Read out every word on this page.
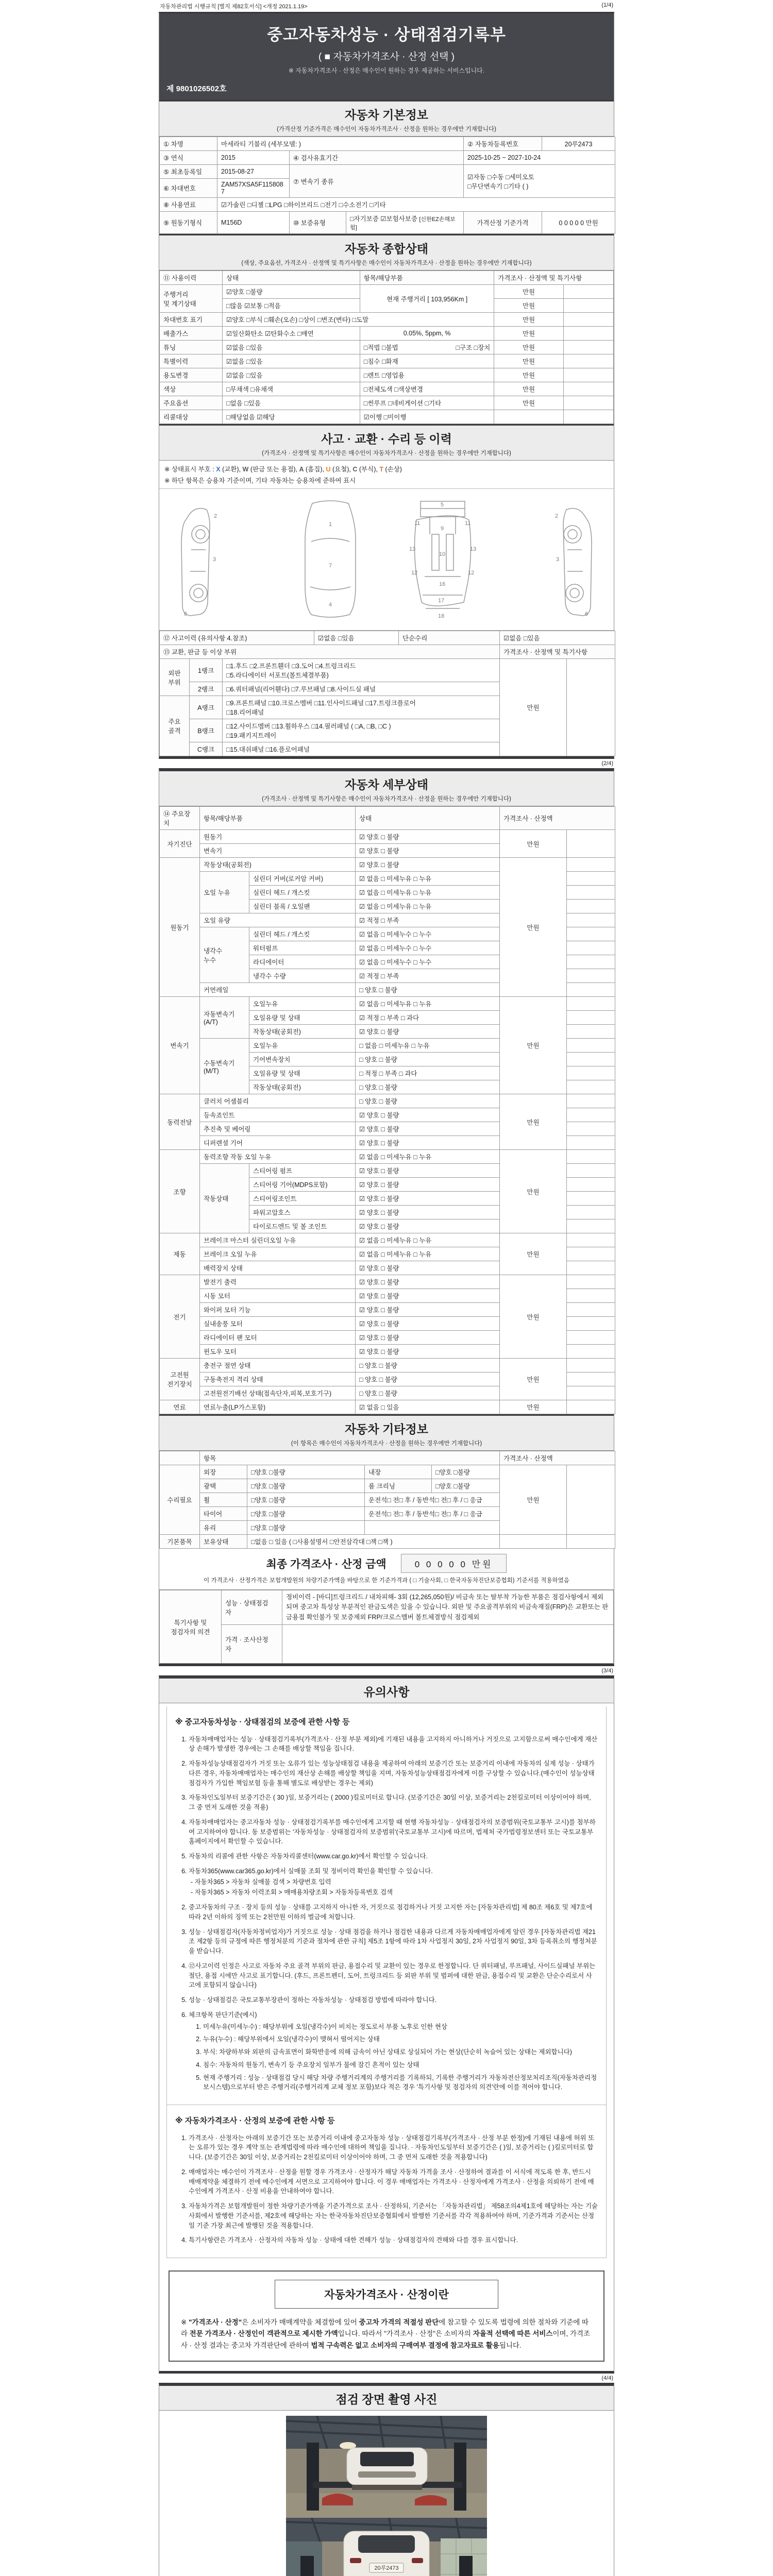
자동차관리법 시행규칙 [별지 제82호서식] <개정 2021.1.19>	(1/4)
중고자동차성능 · 상태점검기록부
( ■ 자동차가격조사 · 산정 선택 )
※ 자동차가격조사 · 산정은 매수인이 원하는 경우 제공하는 서비스입니다.
제 9801026502호
자동차 기본정보
(가격산정 기준가격은 매수인이 자동차가격조사 · 산정을 원하는 경우에만 기재합니다)
① 차명	마세라티 기블리 (세부모델: )			② 자동차등록번호	20루2473
③ 연식	2015	④ 검사유효기간		2025-10-25 ~ 2027-10-24	
⑤ 최초등록일	2015-08-27	⑦ 변속기 종류		☑자동 □수동 □세미오토
□무단변속기 □기타 ( )	
⑥ 차대번호	ZAM57XSA5F1158087				
⑧ 사용연료	☑가솔린 □디젤 □LPG □하이브리드 □전기 □수소전기 □기타				
⑨ 원동기형식	M156D	⑩ 보증유형	□자기보증 ☑보험사보증 [신한EZ손해보험]	가격산정 기준가격	0 0 0 0 0 만원
자동차 종합상태
(색상, 주요옵션, 가격조사 · 산정액 및 특기사항은 매수인이 자동차가격조사 · 산정을 원하는 경우에만 기재합니다)
⑪ 사용이력	상태	항목/해당부품	가격조사 · 산정액 및 특기사항	
주행거리
및 계기상태	☑양호 □불량	현재 주행거리 [ 103,956Km ]	만원	
	□많음 ☑보통 □적음		만원	
차대번호 표기	☑양호 □부식 □훼손(오손) □상이 □변조(변타) □도말		만원	
배출가스	☑일산화탄소 ☑탄화수소 □매연	0.05%, 5ppm, %	만원	
튜닝	☑없음 □있음		□적법 □불법	□구조 □장치	만원	
특별이력	☑없음 □있음	□침수 □화재	만원	
용도변경	☑없음 □있음	□렌트 □영업용	만원	
색상	□무채색 □유채색	□전체도색 □색상변경	만원	
주요옵션	□없음 □있음	□썬루프 □네비게이션 □기타	만원	
리콜대상	□해당없음 ☑해당	☑이행 □미이행		
사고 · 교환 · 수리 등 이력
(가격조사 · 산정액 및 특기사항은 매수인이 자동차가격조사 · 산정을 원하는 경우에만 기재합니다)
※ 상태표시 부호 : X (교환), W (판금 또는 용접), A (흠집), U (요철), C (부식), T (손상)
※ 하단 항목은 승용차 기준이며, 기타 자동차는 승용차에 준하여 표시
2
3
6
1
7
4
5
11	11
9
13	13
10
12	12
16
17
18
2
3
6
⑫ 사고이력 (유의사항 4.참조)			☑없음 □있음	단순수리	☑없음 □있음	
⑬ 교환, 판금 등 이상 부위					가격조사 · 산정액 및 특기사항	
외판
부위	1랭크	□1.후드 □2.프론트휀더 □3.도어 □4.트렁크리드
□5.라디에이터 서포트(볼트체결부품)			만원	
	2랭크	□6.쿼터패널(리어휀다) □7.루브패널 □8.사이드실 패널				
주요
골격	A랭크	□9.프론트패널 □10.크로스멤버 □11.인사이드패널 □17.트렁크플로어
□18.리어패널				
	B랭크	□12.사이드멤버 □13.휠하우스 □14.필러패널 ( □A, □B, □C )
□19.패키지트레이				
	C랭크	□15.대쉬패널 □16.플로어패널				
(2/4)
자동차 세부상태
(가격조사 · 산정액 및 특기사항은 매수인이 자동차가격조사 · 산정을 원하는 경우에만 기재합니다)
⑭ 주요장치	항목/해당부품		상태	가격조사 · 산정액	
자기진단	원동기		☑ 양호 □ 불량	만원	
	변속기		☑ 양호 □ 불량		
원동기	작동상태(공회전)		☑ 양호 □ 불량	만원	
	오일 누유	실린더 커버(로커암 커버)	☑ 없음 □ 미세누유 □ 누유		
		실린더 헤드 / 개스킷	☑ 없음 □ 미세누유 □ 누유		
		실린더 블록 / 오일팬	☑ 없음 □ 미세누유 □ 누유		
	오일 유량		☑ 적정 □ 부족		
	냉각수
누수	실린더 헤드 / 개스킷	☑ 없음 □ 미세누수 □ 누수		
		워터펌프	☑ 없음 □ 미세누수 □ 누수		
		라디에이터	☑ 없음 □ 미세누수 □ 누수		
		냉각수 수량	☑ 적정 □ 부족		
	커먼레일		□ 양호 □ 불량		
변속기	자동변속기
(A/T)	오일누유	☑ 없음 □ 미세누유 □ 누유	만원	
		오일유량 및 상태	☑ 적정 □ 부족 □ 과다		
		작동상태(공회전)	☑ 양호 □ 불량		
	수동변속기
(M/T)	오일누유	□ 없음 □ 미세누유 □ 누유		
		기어변속장치	□ 양호 □ 불량		
		오일유량 및 상태	□ 적정 □ 부족 □ 과다		
		작동상태(공회전)	□ 양호 □ 불량		
동력전달	클러치 어셈블리		□ 양호 □ 불량	만원	
	등속죠인트		☑ 양호 □ 불량		
	추진축 및 베어링		☑ 양호 □ 불량		
	디퍼렌셜 기어		☑ 양호 □ 불량		
조향	동력조향 작동 오일 누유		☑ 없음 □ 미세누유 □ 누유	만원	
	작동상태	스티어링 펌프	☑ 양호 □ 불량		
		스티어링 기어(MDPS포함)	☑ 양호 □ 불량		
		스티어링조인트	☑ 양호 □ 불량		
		파워고압호스	☑ 양호 □ 불량		
		타이로드엔드 및 볼 조인트	☑ 양호 □ 불량		
제동	브레이크 마스터 실린더오일 누유		☑ 없음 □ 미세누유 □ 누유	만원	
	브레이크 오일 누유		☑ 없음 □ 미세누유 □ 누유		
	배력장치 상태		☑ 양호 □ 불량		
전기	발전기 출력		☑ 양호 □ 불량	만원	
	시동 모터		☑ 양호 □ 불량		
	와이퍼 모터 기능		☑ 양호 □ 불량		
	실내송풍 모터		☑ 양호 □ 불량		
	라디에이터 팬 모터		☑ 양호 □ 불량		
	윈도우 모터		☑ 양호 □ 불량		
고전원
전기장치	충전구 절연 상태		□ 양호 □ 불량	만원	
	구동축전지 격리 상태		□ 양호 □ 불량		
	고전원전기배선 상태(접속단자,피복,보호기구)		□ 양호 □ 불량		
연료	연료누출(LP가스포함)		☑ 없음 □ 있음	만원	
자동차 기타정보
(이 항목은 매수인이 자동차가격조사 · 산정을 원하는 경우에만 기재합니다)
	항목				가격조사 · 산정액	
수리필요	외장	□양호 □불량	내장	□양호 □불량	만원	
	광택	□양호 □불량	룸 크리닝	□양호 □불량		
	휠	□양호 □불량	운전석□ 전□ 후 / 동반석□ 전□ 후 / □ 응급			
	타이어	□양호 □불량	운전석□ 전□ 후 / 동반석□ 전□ 후 / □ 응급			
	유리	□양호 □불량				
기본품목	보유상태	□없음 □ 있음 ( □사용설명서 □안전삼각대 □잭 □잭 )				
최종 가격조사 · 산정 금액	0 0 0 0 0 만원
이 가격조사 · 산정가격은 보험개발원의 차량기준가액을 바탕으로 한 기준가격과 ( □ 기술사회, □ 한국자동차진단보증협회) 기준서를 적용하였음
특기사항 및
점검자의 의견	성능 · 상태점검
자	정비이력 - [바디]트렁크리드 / 내차피해- 3회 (12,265,050원)/ 비금속 또는 탈부착 가능한 부품은 점검사항에서 제외되며 중고차 특성상 부분적인 판금도색은 있을 수 있습니다. 외판 및 주요골격부위의 비금속재질(FRP)은 교환또는 판금용접 확인불가 및 보증제외 FRP/크로스멤버 볼트체결방식 점검제외
	가격 · 조사산정
자	
(3/4)
유의사항
※ 중고자동차성능 · 상태점검의 보증에 관한 사항 등
1. 자동차매매업자는 성능 · 상태점검기록부(가격조사 · 산정 부분 제외)에 기재된 내용을 고지하지 아니하거나 거짓으로 고지함으로써 매수인에게 재산상 손해가 발생한 경우에는 그 손해를 배상할 책임을 집니다.
2. 자동차성능상태점검자가 거짓 또는 오류가 있는 성능상태점검 내용을 제공하여 아래의 보증기간 또는 보증거리 이내에 자동차의 실제 성능 · 상태가 다른 경우, 자동차매매업자는 매수인의 재산상 손해를 배상할 책임을 지며, 자동차성능상태점검자에게 이를 구상할 수 있습니다.(매수인이 성능상태점검자가 가입한 책임보험 등을 통해 별도로 배상받는 경우는 제외)
3. 자동차인도일부터 보증기간은 ( 30 )일, 보증거리는 ( 2000 )킬로미터로 합니다. (보증기간은 30일 이상, 보증거리는 2천킬로미터 이상이어야 하며, 그 중 먼저 도래한 것을 적용)
4. 자동차매매업자는 중고자동차 성능 · 상태점검기록부를 매수인에게 고지할 때 현행 자동차성능 · 상태점검자의 보증범위(국토교통부 고시)를 첨부하여 고지하여야 합니다. 동 보증범위는 '자동차성능 · 상태점검자의 보증범위'(국토교통부 고시)에 따르며, 법제처 국가법령정보센터 또는 국토교통부 홈페이지에서 확인할 수 있습니다.
5. 자동차의 리콜에 관한 사항은 자동차리콜센터(www.car.go.kr)에서 확인할 수 있습니다.
6. 자동차365(www.car365.go.kr)에서 실매물 조회 및 정비이력 확인을 확인할 수 있습니다.
- 자동차365 > 자동차 실매물 검색 > 차량번호 입력
- 자동차365 > 자동차 이력조회 > 매매용차량조회 > 자동차등록번호 검색
2. 중고자동차의 구조 · 장치 등의 성능 · 상태를 고지하지 아니한 자, 거짓으로 점검하거나 거짓 고지한 자는 [자동차관리법] 제 80조 제6호 및 제7호에 따라 2년 이하의 징역 또는 2천만원 이하의 벌금에 처합니다.
3. 성능 · 상태점검자(자동차정비업자)가 거짓으로 성능 · 상태 점검을 하거나 점검한 내용과 다르게 자동차매매업자에게 알린 경우 [자동차관리법 제21조 제2항 등의 규정에 따른 행정처분의 기준과 절차에 관한 규칙] 제5조 1항에 따라 1차 사업정지 30일, 2차 사업정지 90일, 3차 등록취소의 행정처분을 받습니다.
4. ⑫사고이력 인정은 사고로 자동차 주요 골격 부위의 판금, 용접수리 및 교환이 있는 경우로 한정합니다. 단 쿼터패널, 루프패널, 사이드실패널 부위는 절단, 용접 시에만 사고로 표기합니다. (후드, 프론트펜더, 도어, 트렁크리드 등 외판 부위 및 범퍼에 대한 판금, 용접수리 및 교환은 단순수리로서 사고에 포함되지 않습니다)
5. 성능 · 상태점검은 국토교통부장관이 정하는 자동차성능 · 상태점검 방법에 따라야 합니다.
6. 체크항목 판단기준(예시)
1. 미세누유(미세누수) : 해당부위에 오일(냉각수)이 비치는 정도로서 부품 노후로 인한 현상
2. 누유(누수) : 해당부위에서 오일(냉각수)이 맺혀서 떨어지는 상태
3. 부식: 차량하부와 외판의 금속표면이 화학반응에 의해 금속이 아닌 상태로 상실되어 가는 현상(단순히 녹슬어 있는 상태는 제외합니다)
4. 침수: 자동차의 원동기, 변속기 등 주요장치 일부가 물에 잠긴 흔적이 있는 상태
5. 현재 주행거리 : 성능 · 상태점검 당시 해당 차량 주행거리계의 주행거리를 기록하되, 기록한 주행거리가 자동차전산정보처리조직(자동차관리정보시스템)으로부터 받은 주행거리(주행거리계 교체 정보 포함)보다 적은 경우 '특기사항 및 점검자의 의견'란에 이를 적어야 합니다.
※ 자동차가격조사 · 산정의 보증에 관한 사항 등
1. 가격조사 · 산정자는 아래의 보증기간 또는 보증거리 이내에 중고자동차 성능 · 상태점검기록부(가격조사 · 산정 부분 한정)에 기재된 내용에 허위 또는 오류가 있는 경우 계약 또는 관계법령에 따라 매수인에 대하여 책임을 집니다. · 자동차인도일부터 보증기간은 ( )일, 보증거리는 ( )킬로미터로 합니다. (보증기간은 30일 이상, 보증거리는 2천킬로미터 이상이어야 하며, 그 중 먼저 도래한 것을 적용합니다)
2. 매매업자는 매수인이 가격조사 · 산정을 원할 경우 가격조사 · 산정자가 해당 자동차 가격을 조사 · 산정하여 결과를 이 서식에 적도록 한 후, 반드시 매매계약을 체결하기 전에 매수인에게 서면으로 고지하여야 합니다. 이 경우 매매업자는 가격조사 · 산정자에게 가격조사 · 산정을 의뢰하기 전에 매수인에게 가격조사 · 산정 비용을 안내하여야 합니다.
3. 자동차가격은 보험개발원이 정한 차량기준가액을 기준가격으로 조사 · 산정하되, 기준서는 「자동차관리법」 제58조의4제1호에 해당하는 자는 기술사회에서 발행한 기준서를, 제2호에 해당하는 자는 한국자동차진단보증협회에서 발행한 기준서를 각각 적용하여야 하며, 기준가격과 기준서는 산정일 기준 가장 최근에 발행된 것을 적용합니다.
4. 특기사항란은 가격조사 · 산정자의 자동차 성능 · 상태에 대한 견해가 성능 · 상태점검자의 견해와 다를 경우 표시합니다.
자동차가격조사 · 산정이란
※ "가격조사 · 산정"은 소비자가 매매계약을 체결함에 있어 중고차 가격의 적절성 판단에 참고할 수 있도록 법령에 의한 절차와 기준에 따라 전문 가격조사 · 산정인이 객관적으로 제시한 가액입니다. 따라서 "가격조사 · 산정"은 소비자의 자율적 선택에 따른 서비스이며, 가격조사 · 산정 결과는 중고차 가격판단에 관하여 법적 구속력은 없고 소비자의 구매여부 결정에 참고자료로 활용됩니다.
(4/4)
점검 장면 촬영 사진
20루2473
